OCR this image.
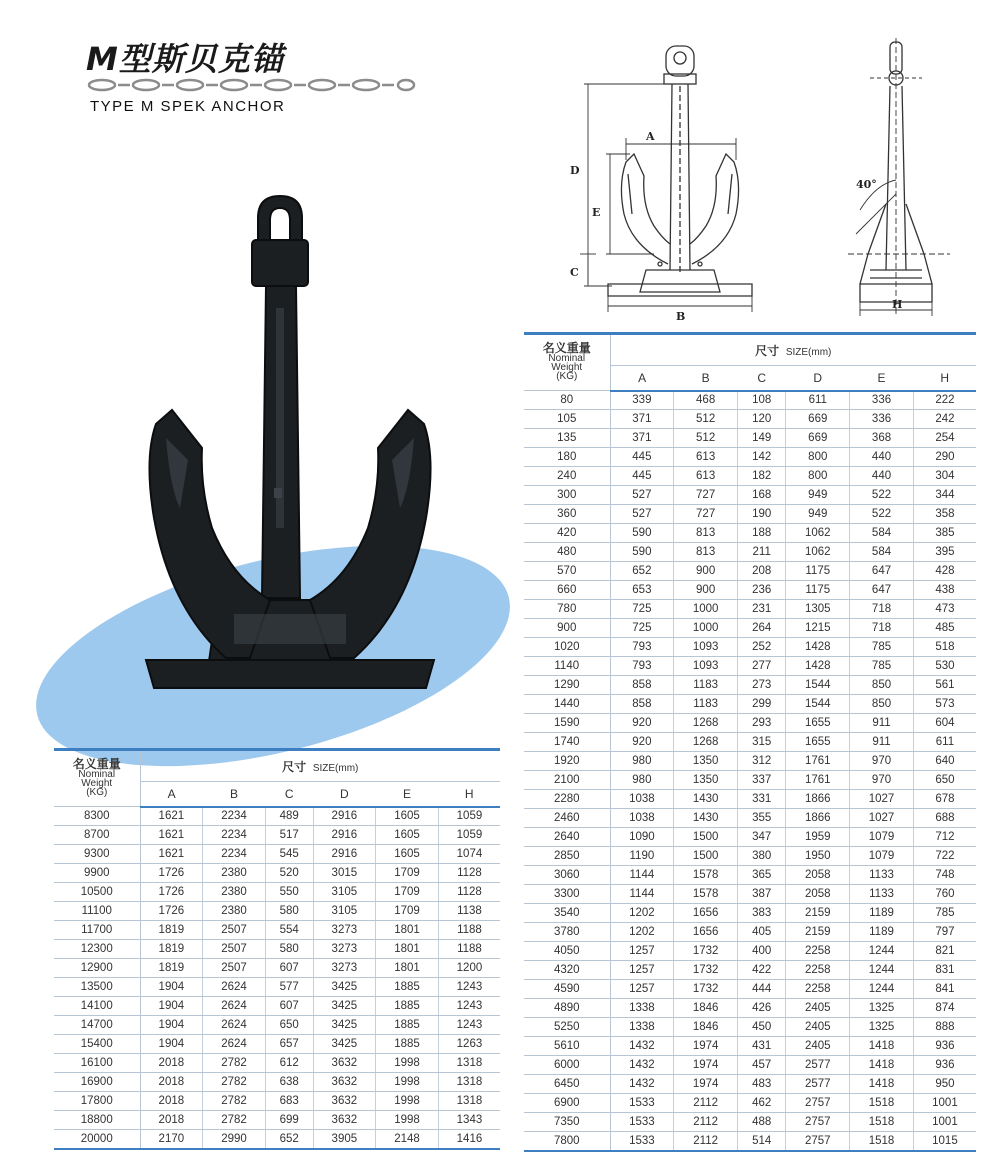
M型斯贝克锚
TYPE M SPEK ANCHOR
A
D
E
C
B
40°
H
名义重量
Nominal
Weight
(KG)	尺寸 SIZE(mm)					
	A	B	C	D	E	H
80	339	468	108	611	336	222
105	371	512	120	669	336	242
135	371	512	149	669	368	254
180	445	613	142	800	440	290
240	445	613	182	800	440	304
300	527	727	168	949	522	344
360	527	727	190	949	522	358
420	590	813	188	1062	584	385
480	590	813	211	1062	584	395
570	652	900	208	1175	647	428
660	653	900	236	1175	647	438
780	725	1000	231	1305	718	473
900	725	1000	264	1215	718	485
1020	793	1093	252	1428	785	518
1140	793	1093	277	1428	785	530
1290	858	1183	273	1544	850	561
1440	858	1183	299	1544	850	573
1590	920	1268	293	1655	911	604
1740	920	1268	315	1655	911	611
1920	980	1350	312	1761	970	640
2100	980	1350	337	1761	970	650
2280	1038	1430	331	1866	1027	678
2460	1038	1430	355	1866	1027	688
2640	1090	1500	347	1959	1079	712
2850	1190	1500	380	1950	1079	722
3060	1144	1578	365	2058	1133	748
3300	1144	1578	387	2058	1133	760
3540	1202	1656	383	2159	1189	785
3780	1202	1656	405	2159	1189	797
4050	1257	1732	400	2258	1244	821
4320	1257	1732	422	2258	1244	831
4590	1257	1732	444	2258	1244	841
4890	1338	1846	426	2405	1325	874
5250	1338	1846	450	2405	1325	888
5610	1432	1974	431	2405	1418	936
6000	1432	1974	457	2577	1418	936
6450	1432	1974	483	2577	1418	950
6900	1533	2112	462	2757	1518	1001
7350	1533	2112	488	2757	1518	1001
7800	1533	2112	514	2757	1518	1015
名义重量
Nominal
Weight
(KG)	尺寸 SIZE(mm)					
	A	B	C	D	E	H
8300	1621	2234	489	2916	1605	1059
8700	1621	2234	517	2916	1605	1059
9300	1621	2234	545	2916	1605	1074
9900	1726	2380	520	3015	1709	1128
10500	1726	2380	550	3105	1709	1128
11100	1726	2380	580	3105	1709	1138
11700	1819	2507	554	3273	1801	1188
12300	1819	2507	580	3273	1801	1188
12900	1819	2507	607	3273	1801	1200
13500	1904	2624	577	3425	1885	1243
14100	1904	2624	607	3425	1885	1243
14700	1904	2624	650	3425	1885	1243
15400	1904	2624	657	3425	1885	1263
16100	2018	2782	612	3632	1998	1318
16900	2018	2782	638	3632	1998	1318
17800	2018	2782	683	3632	1998	1318
18800	2018	2782	699	3632	1998	1343
20000	2170	2990	652	3905	2148	1416
